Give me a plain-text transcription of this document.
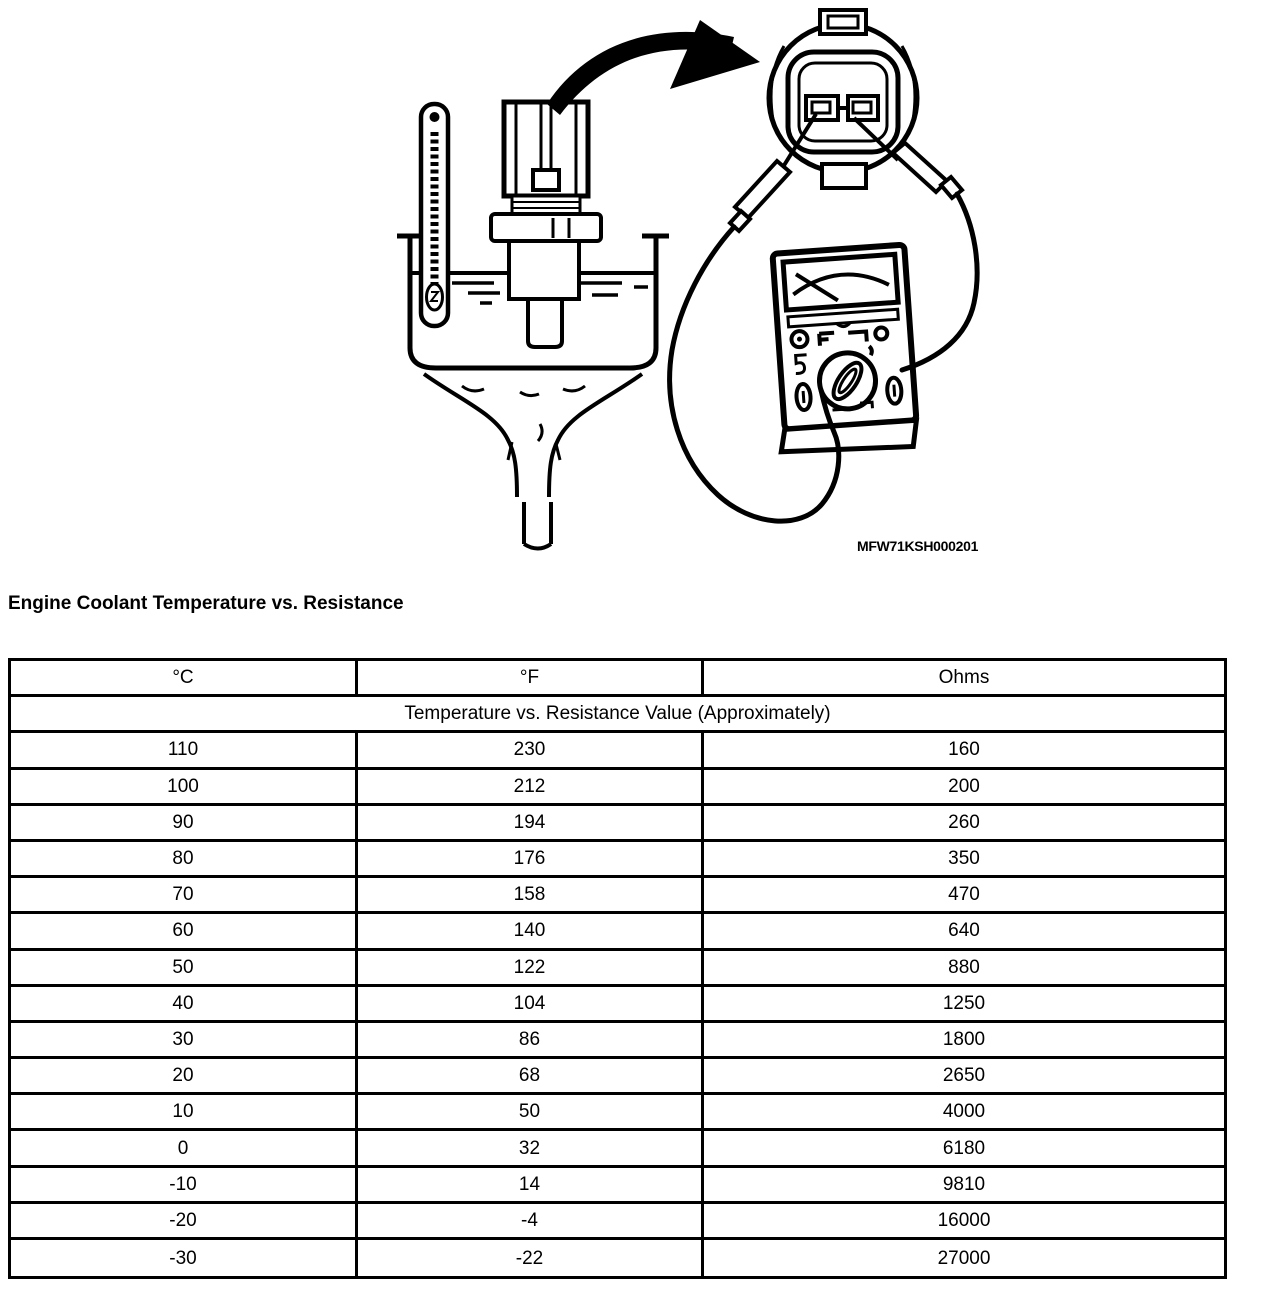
MFW71KSH000201
Engine Coolant Temperature vs. Resistance
°C	°F	Ohms
Temperature vs. Resistance Value (Approximately)
110	230	160
100	212	200
90	194	260
80	176	350
70	158	470
60	140	640
50	122	880
40	104	1250
30	86	1800
20	68	2650
10	50	4000
0	32	6180
-10	14	9810
-20	-4	16000
-30	-22	27000
